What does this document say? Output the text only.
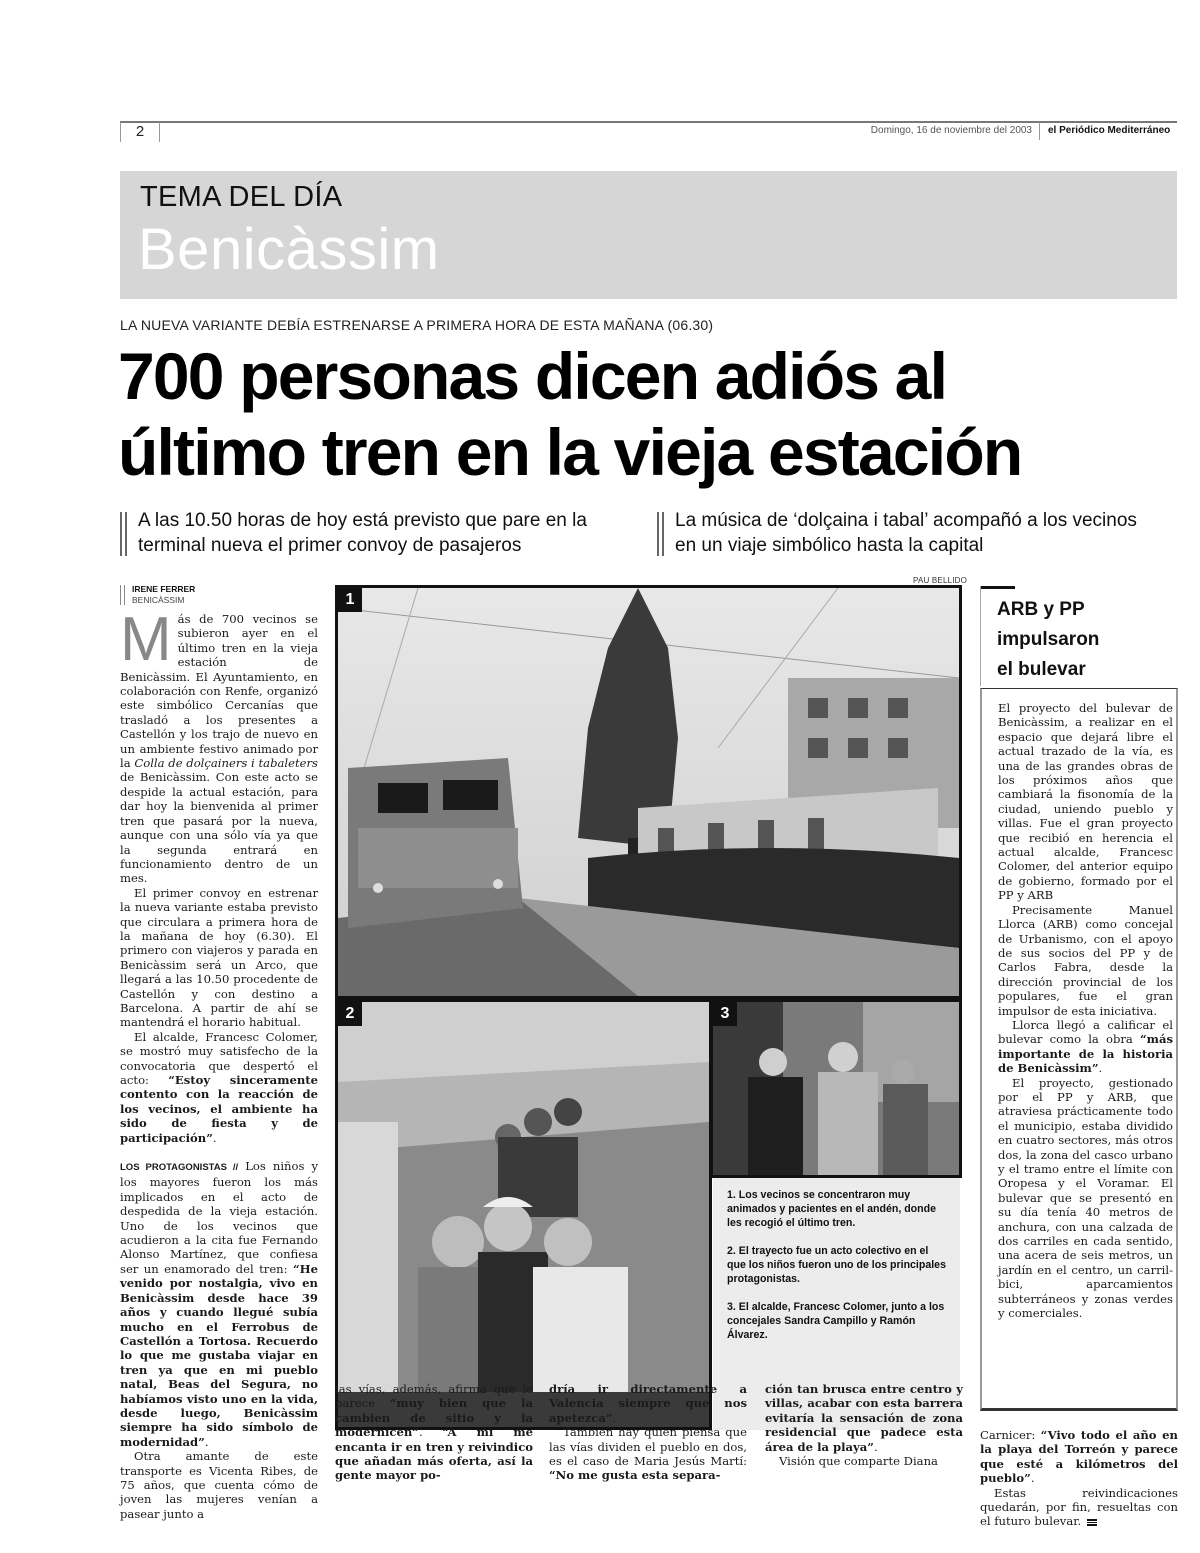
2	Domingo, 16 de noviembre del 2003 el Periódico Mediterráneo
TEMA DEL DÍA
Benicàssim
LA NUEVA VARIANTE DEBÍA ESTRENARSE A PRIMERA HORA DE ESTA MAÑANA (06.30)
700 personas dicen adiós al
último tren en la vieja estación
A las 10.50 horas de hoy está previsto que pare en la terminal nueva el primer convoy de pasajeros
La música de ‘dolçaina i tabal’ acompañó a los vecinos en un viaje simbólico hasta la capital
IRENE FERRER
BENICÀSSIM

Más de 700 vecinos se subieron ayer en el último tren en la vieja estación de Benicàssim. El Ayuntamiento, en colaboración con Renfe, organizó este simbólico Cercanías que trasladó a los presentes a Castellón y los trajo de nuevo en un ambiente festivo animado por la Colla de dolçainers i tabaleters de Benicàssim. Con este acto se despide la actual estación, para dar hoy la bienvenida al primer tren que pasará por la nueva, aunque con una sólo vía ya que la segunda entrará en funcionamiento dentro de un mes.

El primer convoy en estrenar la nueva variante estaba previsto que circulara a primera hora de la mañana de hoy (6.30). El primero con viajeros y parada en Benicàssim será un Arco, que llegará a las 10.50 procedente de Castellón y con destino a Barcelona. A partir de ahí se mantendrá el horario habitual.

El alcalde, Francesc Colomer, se mostró muy satisfecho de la convocatoria que despertó el acto: “Estoy sinceramente contento con la reacción de los vecinos, el ambiente ha sido de fiesta y de participación”.

LOS PROTAGONISTAS // Los niños y los mayores fueron los más implicados en el acto de despedida de la vieja estación. Uno de los vecinos que acudieron a la cita fue Fernando Alonso Martínez, que confiesa ser un enamorado del tren: “He venido por nostalgia, vivo en Benicàssim desde hace 39 años y cuando llegué subía mucho en el Ferrobus de Castellón a Tortosa. Recuerdo lo que me gustaba viajar en tren ya que en mi pueblo natal, Beas del Segura, no habíamos visto uno en la vida, desde luego, Benicàssim siempre ha sido símbolo de modernidad”.

Otra amante de este transporte es Vicenta Ribes, de 75 años, que cuenta cómo de joven las mujeres venían a pasear junto a

PAU BELLIDO
1
2	3

1. Los vecinos se concentraron muy animados y pacientes en el andén, donde les recogió el último tren.

2. El trayecto fue un acto colectivo en el que los niños fueron uno de los principales protagonistas.

3. El alcalde, Francesc Colomer, junto a los concejales Sandra Campillo y Ramón Álvarez.

las vías, además, afirma que le parece “muy bien que la cambien de sitio y la modernicen”. “A mi me encanta ir en tren y reivindico que añadan más oferta, así la gente mayor po-

dría ir directamente a Valencia siempre que nos apetezca”.

También hay quien piensa que las vías dividen el pueblo en dos, es el caso de Maria Jesús Martí: “No me gusta esta separa-

ción tan brusca entre centro y villas, acabar con esta barrera evitaría la sensación de zona residencial que padece esta área de la playa”.

Visión que comparte Diana

ARB y PP
impulsaron
el bulevar

El proyecto del bulevar de Benicàssim, a realizar en el espacio que dejará libre el actual trazado de la vía, es una de las grandes obras de los próximos años que cambiará la fisonomía de la ciudad, uniendo pueblo y villas. Fue el gran proyecto que recibió en herencia el actual alcalde, Francesc Colomer, del anterior equipo de gobierno, formado por el PP y ARB

Precisamente Manuel Llorca (ARB) como concejal de Urbanismo, con el apoyo de sus socios del PP y de Carlos Fabra, desde la dirección provincial de los populares, fue el gran impulsor de esta iniciativa.

Llorca llegó a calificar el bulevar como la obra “más importante de la historia de Benicàssim”.

El proyecto, gestionado por el PP y ARB, que atraviesa prácticamente todo el municipio, estaba dividido en cuatro sectores, más otros dos, la zona del casco urbano y el tramo entre el límite con Oropesa y el Voramar. El bulevar que se presentó en su día tenía 40 metros de anchura, con una calzada de dos carriles en cada sentido, una acera de seis metros, un jardín en el centro, un carril-bici, aparcamientos subterráneos y zonas verdes y comerciales.

Carnicer: “Vivo todo el año en la playa del Torreón y parece que esté a kilómetros del pueblo”.

Estas reivindicaciones quedarán, por fin, resueltas con el futuro bulevar.
